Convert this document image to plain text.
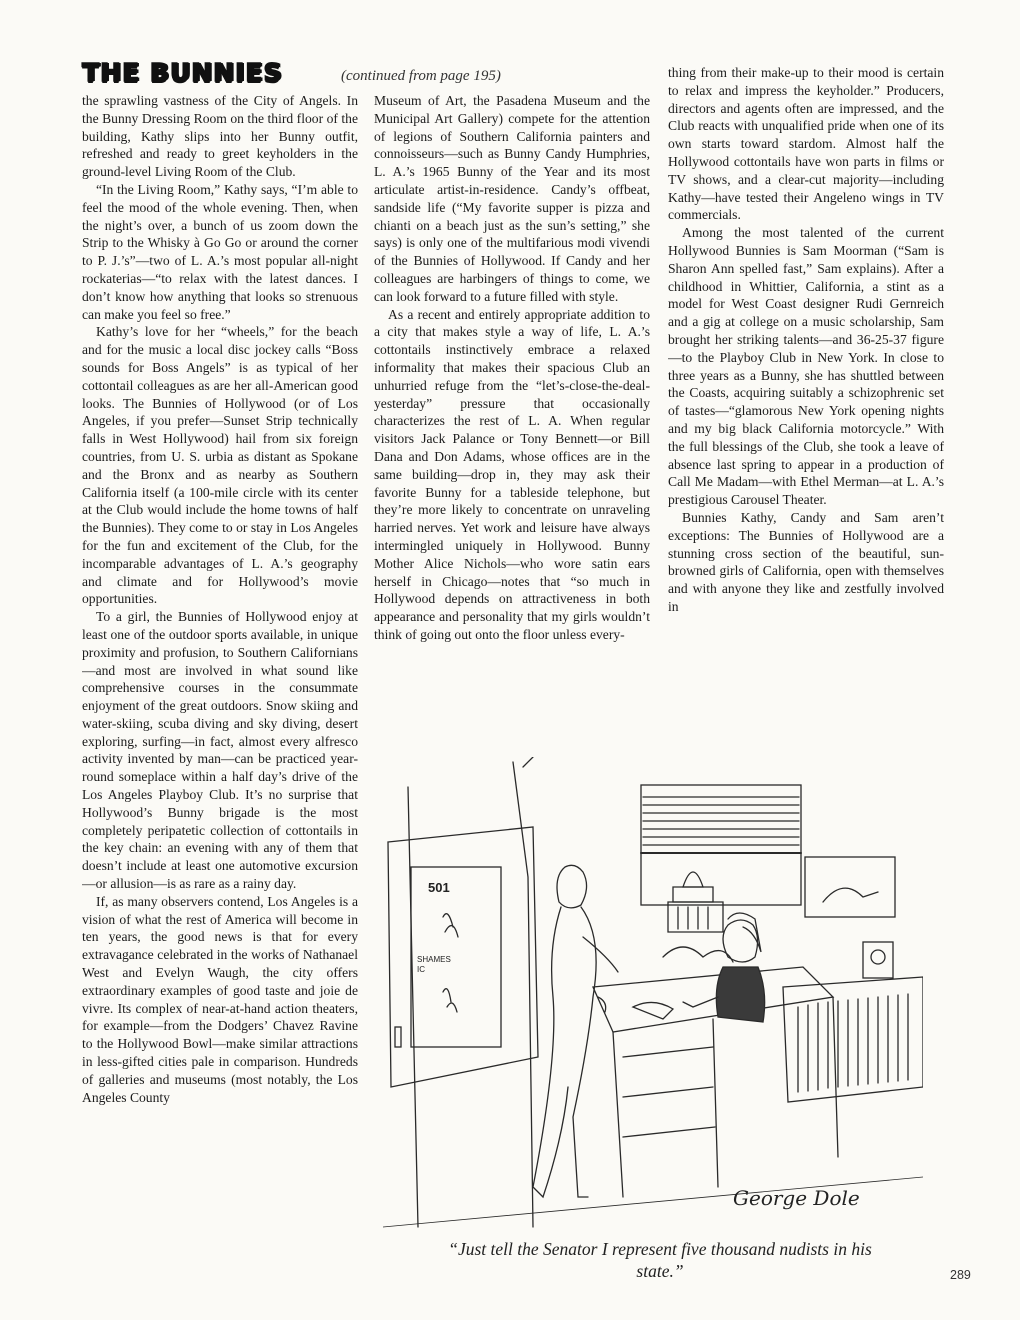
THE BUNNIES	(continued from page 195)

the sprawling vastness of the City of Angels. In the Bunny Dressing Room on the third floor of the building, Kathy slips into her Bunny outfit, refreshed and ready to greet keyholders in the ground-level Living Room of the Club.

“In the Living Room,” Kathy says, “I’m able to feel the mood of the whole evening. Then, when the night’s over, a bunch of us zoom down the Strip to the Whisky à Go Go or around the corner to P. J.’s”—two of L. A.’s most popular all-night rockaterias—“to relax with the latest dances. I don’t know how anything that looks so strenuous can make you feel so free.”

Kathy’s love for her “wheels,” for the beach and for the music a local disc jockey calls “Boss sounds for Boss Angels” is as typical of her cottontail colleagues as are her all-American good looks. The Bunnies of Hollywood (or of Los Angeles, if you prefer—Sunset Strip technically falls in West Hollywood) hail from six foreign countries, from U. S. urbia as distant as Spokane and the Bronx and as nearby as Southern California itself (a 100-mile circle with its center at the Club would include the home towns of half the Bunnies). They come to or stay in Los Angeles for the fun and excitement of the Club, for the incomparable advantages of L. A.’s geography and climate and for Hollywood’s movie opportunities.

To a girl, the Bunnies of Hollywood enjoy at least one of the outdoor sports available, in unique proximity and profusion, to Southern Californians—and most are involved in what sound like comprehensive courses in the consummate enjoyment of the great outdoors. Snow skiing and water-skiing, scuba diving and sky diving, desert exploring, surfing—in fact, almost every alfresco activity invented by man—can be practiced year-round someplace within a half day’s drive of the Los Angeles Playboy Club. It’s no surprise that Hollywood’s Bunny brigade is the most completely peripatetic collection of cottontails in the key chain: an evening with any of them that doesn’t include at least one automotive excursion—or allusion—is as rare as a rainy day.

If, as many observers contend, Los Angeles is a vision of what the rest of America will become in ten years, the good news is that for every extravagance celebrated in the works of Nathanael West and Evelyn Waugh, the city offers extraordinary examples of good taste and joie de vivre. Its complex of near-at-hand action theaters, for example—from the Dodgers’ Chavez Ravine to the Hollywood Bowl—make similar attractions in less-gifted cities pale in comparison. Hundreds of galleries and museums (most notably, the Los Angeles County

Museum of Art, the Pasadena Museum and the Municipal Art Gallery) compete for the attention of legions of Southern California painters and connoisseurs—such as Bunny Candy Humphries, L. A.’s 1965 Bunny of the Year and its most articulate artist-in-residence. Candy’s offbeat, sandside life (“My favorite supper is pizza and chianti on a beach just as the sun’s setting,” she says) is only one of the multifarious modi vivendi of the Bunnies of Hollywood. If Candy and her colleagues are harbingers of things to come, we can look forward to a future filled with style.

As a recent and entirely appropriate addition to a city that makes style a way of life, L. A.’s cottontails instinctively embrace a relaxed informality that makes their spacious Club an unhurried refuge from the “let’s-close-the-deal-yesterday” pressure that occasionally characterizes the rest of L. A. When regular visitors Jack Palance or Tony Bennett—or Bill Dana and Don Adams, whose offices are in the same building—drop in, they may ask their favorite Bunny for a tableside telephone, but they’re more likely to concentrate on unraveling harried nerves. Yet work and leisure have always intermingled uniquely in Hollywood. Bunny Mother Alice Nichols—who wore satin ears herself in Chicago—notes that “so much in Hollywood depends on attractiveness in both appearance and personality that my girls wouldn’t think of going out onto the floor unless every-

thing from their make-up to their mood is certain to relax and impress the keyholder.” Producers, directors and agents often are impressed, and the Club reacts with unqualified pride when one of its own starts toward stardom. Almost half the Hollywood cottontails have won parts in films or TV shows, and a clear-cut majority—including Kathy—have tested their Angeleno wings in TV commercials.

Among the most talented of the current Hollywood Bunnies is Sam Moorman (“Sam is Sharon Ann spelled fast,” Sam explains). After a childhood in Whittier, California, a stint as a model for West Coast designer Rudi Gernreich and a gig at college on a music scholarship, Sam brought her striking talents—and 36-25-37 figure—to the Playboy Club in New York. In close to three years as a Bunny, she has shuttled between the Coasts, acquiring suitably a schizophrenic set of tastes—“glamorous New York opening nights and my big black California motorcycle.” With the full blessings of the Club, she took a leave of absence last spring to appear in a production of Call Me Madam—with Ethel Merman—at L. A.’s prestigious Carousel Theater.

Bunnies Kathy, Candy and Sam aren’t exceptions: The Bunnies of Hollywood are a stunning cross section of the beautiful, sun-browned girls of California, open with themselves and with anyone they like and zestfully involved in

501
SHAMES
IC
George Dole
“Just tell the Senator I represent five thousand nudists in his state.”	289
